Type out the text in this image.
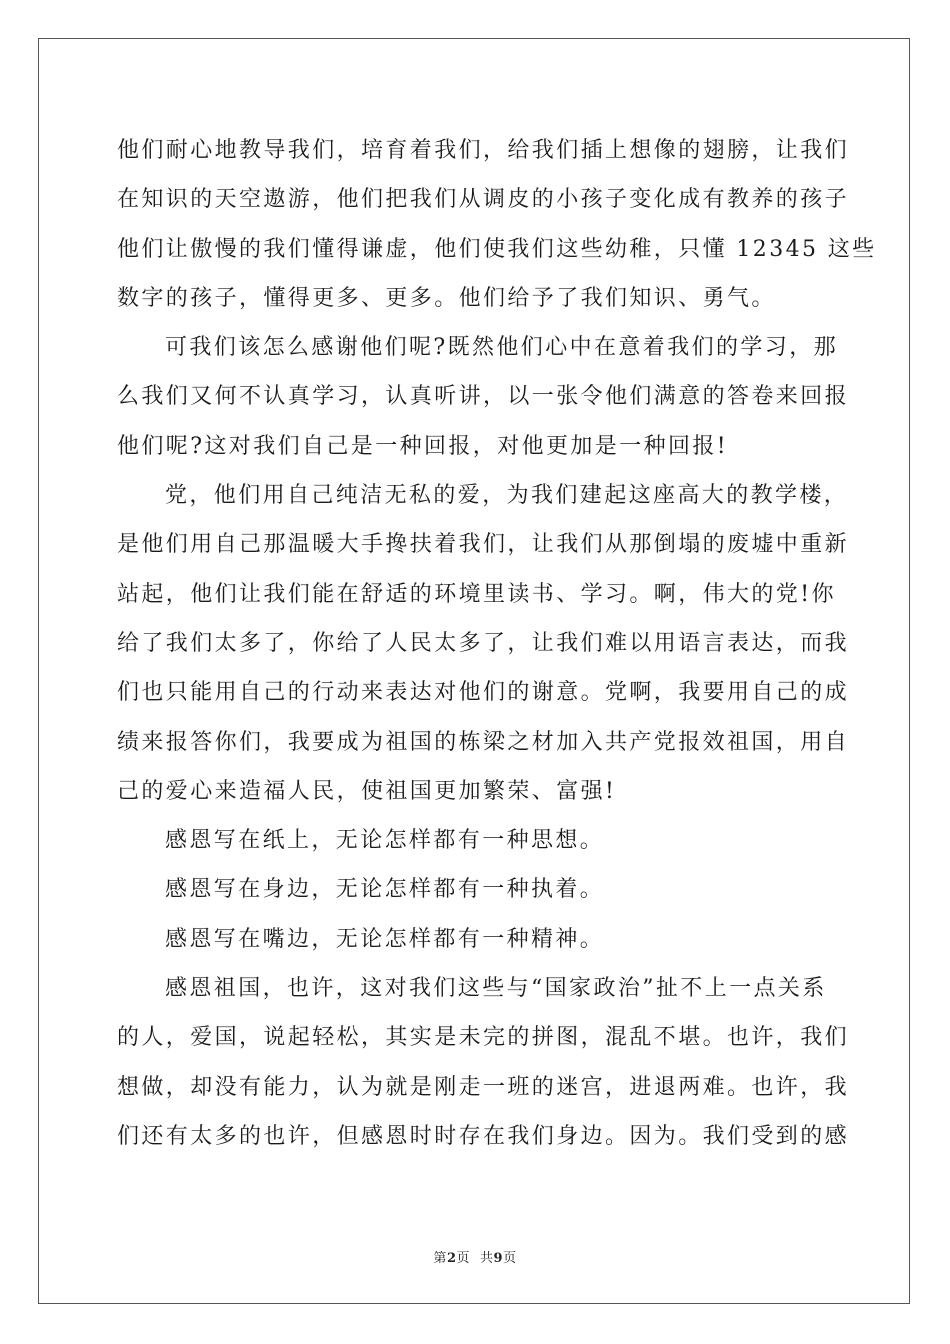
他们耐心地教导我们，培育着我们，给我们插上想像的翅膀，让我们
在知识的天空遨游，他们把我们从调皮的小孩子变化成有教养的孩子
他们让傲慢的我们懂得谦虚，他们使我们这些幼稚，只懂 12345 这些
数字的孩子，懂得更多、更多。他们给予了我们知识、勇气。
可我们该怎么感谢他们呢?既然他们心中在意着我们的学习，那
么我们又何不认真学习，认真听讲，以一张令他们满意的答卷来回报
他们呢?这对我们自己是一种回报，对他更加是一种回报!
党，他们用自己纯洁无私的爱，为我们建起这座高大的教学楼，
是他们用自己那温暖大手搀扶着我们，让我们从那倒塌的废墟中重新
站起，他们让我们能在舒适的环境里读书、学习。啊，伟大的党!你
给了我们太多了，你给了人民太多了，让我们难以用语言表达，而我
们也只能用自己的行动来表达对他们的谢意。党啊，我要用自己的成
绩来报答你们，我要成为祖国的栋梁之材加入共产党报效祖国，用自
己的爱心来造福人民，使祖国更加繁荣、富强!
感恩写在纸上，无论怎样都有一种思想。
感恩写在身边，无论怎样都有一种执着。
感恩写在嘴边，无论怎样都有一种精神。
感恩祖国，也许，这对我们这些与“国家政治”扯不上一点关系
的人，爱国，说起轻松，其实是未完的拼图，混乱不堪。也许，我们
想做，却没有能力，认为就是刚走一班的迷宫，进退两难。也许，我
们还有太多的也许，但感恩时时存在我们身边。因为。我们受到的感
第2页 共9页
